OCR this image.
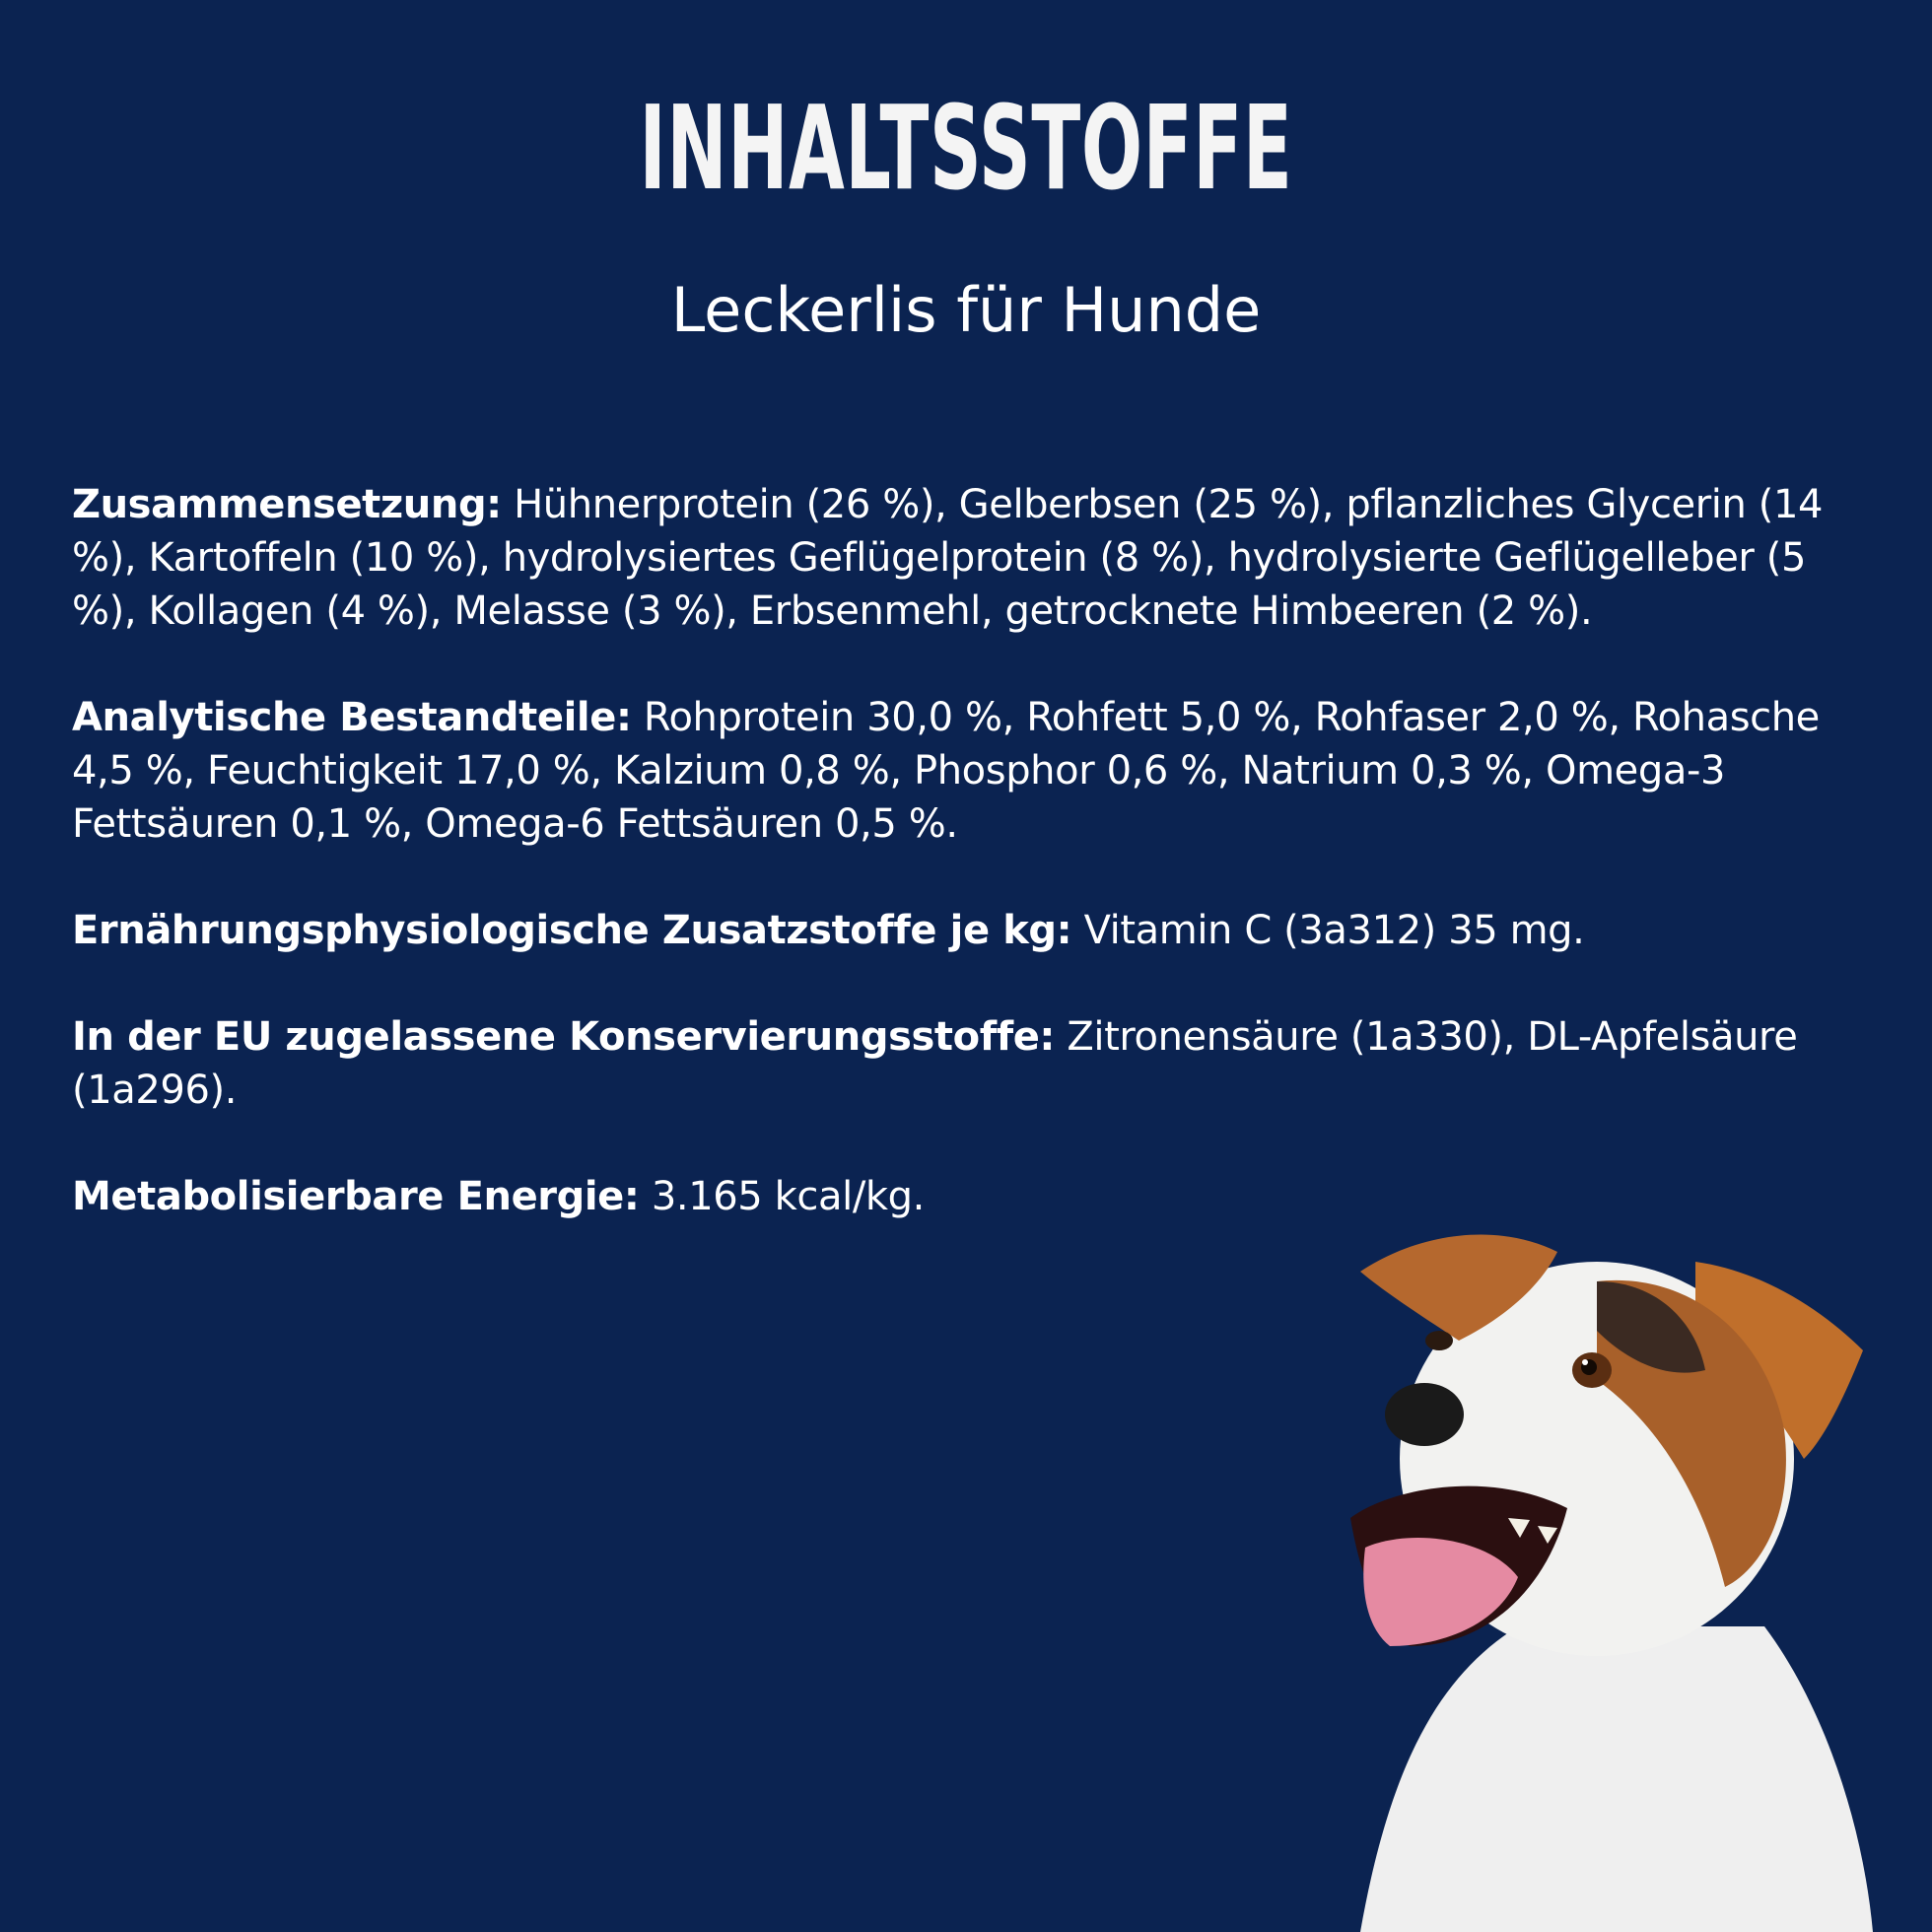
INHALTSSTOFFE
Leckerlis für Hunde

Zusammensetzung: Hühnerprotein (26 %), Gelberbsen (25 %), pflanzliches Glycerin (14 %), Kartoffeln (10 %), hydrolysiertes Geflügelprotein (8 %), hydrolysierte Geflügelleber (5 %), Kollagen (4 %), Melasse (3 %), Erbsenmehl, getrocknete Himbeeren (2 %).

Analytische Bestandteile: Rohprotein 30,0 %, Rohfett 5,0 %, Rohfaser 2,0 %, Rohasche 4,5 %, Feuchtigkeit 17,0 %, Kalzium 0,8 %, Phosphor 0,6 %, Natrium 0,3 %, Omega-3 Fettsäuren 0,1 %, Omega-6 Fettsäuren 0,5 %.

Ernährungsphysiologische Zusatzstoffe je kg: Vitamin C (3a312) 35 mg.

In der EU zugelassene Konservierungsstoffe: Zitronensäure (1a330), DL-Apfelsäure (1a296).

Metabolisierbare Energie: 3.165 kcal/kg.
